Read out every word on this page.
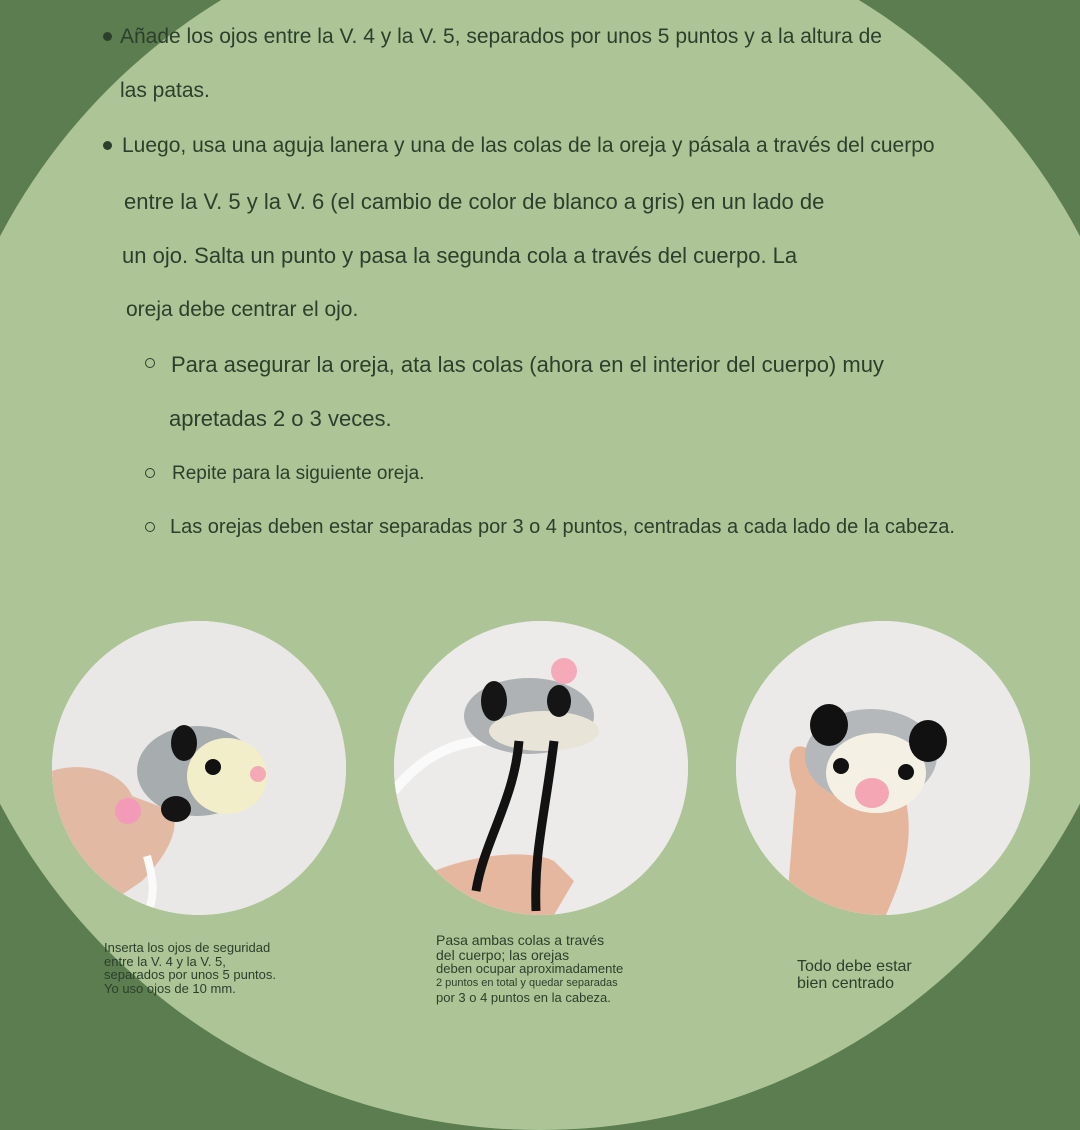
Añade los ojos entre la V. 4 y la V. 5, separados por unos 5 puntos y a la altura de
las patas.
Luego, usa una aguja lanera y una de las colas de la oreja y pásala a través del cuerpo
entre la V. 5 y la V. 6 (el cambio de color de blanco a gris) en un lado de
un ojo. Salta un punto y pasa la segunda cola a través del cuerpo. La
oreja debe centrar el ojo.
Para asegurar la oreja, ata las colas (ahora en el interior del cuerpo) muy
apretadas 2 o 3 veces.
Repite para la siguiente oreja.
Las orejas deben estar separadas por 3 o 4 puntos, centradas a cada lado de la cabeza.
Inserta los ojos de seguridad
entre la V. 4 y la V. 5,
separados por unos 5 puntos.
Yo uso ojos de 10 mm.
Pasa ambas colas a través
del cuerpo; las orejas
deben ocupar aproximadamente
2 puntos en total y quedar separadas
por 3 o 4 puntos en la cabeza.
Todo debe estar
bien centrado
